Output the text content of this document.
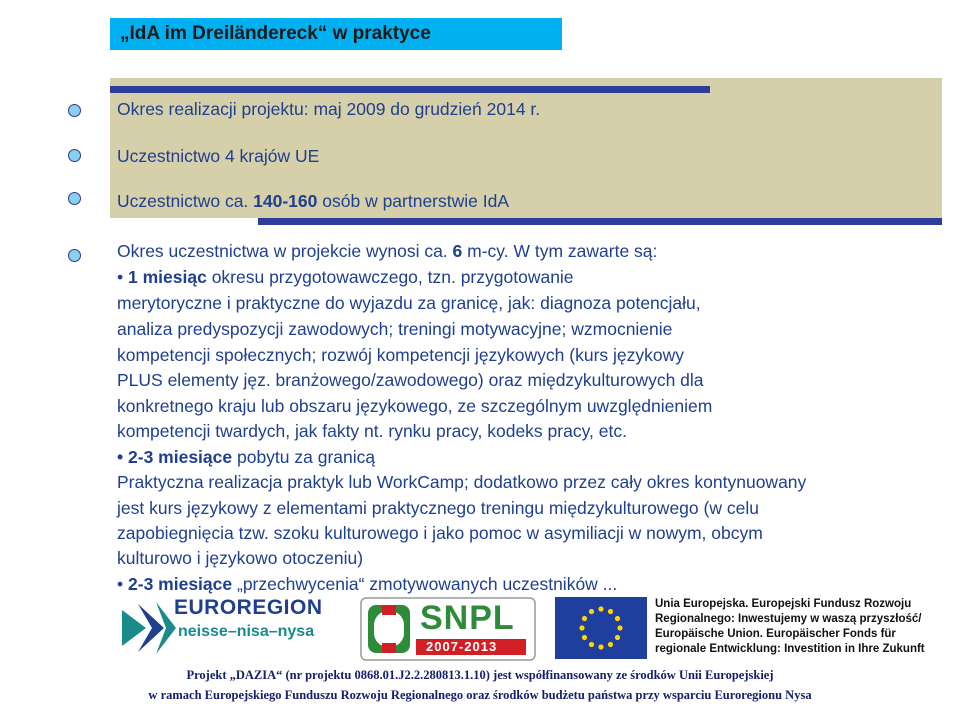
„IdA im Dreiländereck“ w praktyce
Okres realizacji projektu: maj 2009 do grudzień 2014 r.
Uczestnictwo 4 krajów UE
Uczestnictwo ca. 140-160 osób w partnerstwie IdA
Okres uczestnictwa w projekcie wynosi ca. 6 m-cy. W tym zawarte są:
• 1 miesiąc okresu przygotowawczego, tzn. przygotowanie
merytoryczne i praktyczne do wyjazdu za granicę, jak: diagnoza potencjału,
analiza predyspozycji zawodowych; treningi motywacyjne; wzmocnienie
kompetencji społecznych; rozwój kompetencji językowych (kurs językowy
PLUS elementy jęz. branżowego/zawodowego) oraz międzykulturowych dla
konkretnego kraju lub obszaru językowego, ze szczególnym uwzględnieniem
kompetencji twardych, jak fakty nt. rynku pracy, kodeks pracy, etc.
• 2-3 miesiące pobytu za granicą
Praktyczna realizacja praktyk lub WorkCamp; dodatkowo przez cały okres kontynuowany
jest kurs językowy z elementami praktycznego treningu międzykulturowego (w celu
zapobiegnięcia tzw. szoku kulturowego i jako pomoc w asymiliacji w nowym, obcym
kulturowo i językowo otoczeniu)
• 2-3 miesiące „przechwycenia“ zmotywowanych uczestników ...
EUROREGION
neisse–nisa–nysa	SNPL
2007-2013
Unia Europejska. Europejski Fundusz Rozwoju
Regionalnego: Inwestujemy w waszą przyszłość/
Europäische Union. Europäischer Fonds für
regionale Entwicklung: Investition in Ihre Zukunft
Projekt „DAZIA“ (nr projektu 0868.01.J2.2.280813.1.10) jest współfinansowany ze środków Unii Europejskiej
w ramach Europejskiego Funduszu Rozwoju Regionalnego oraz środków budżetu państwa przy wsparciu Euroregionu Nysa
